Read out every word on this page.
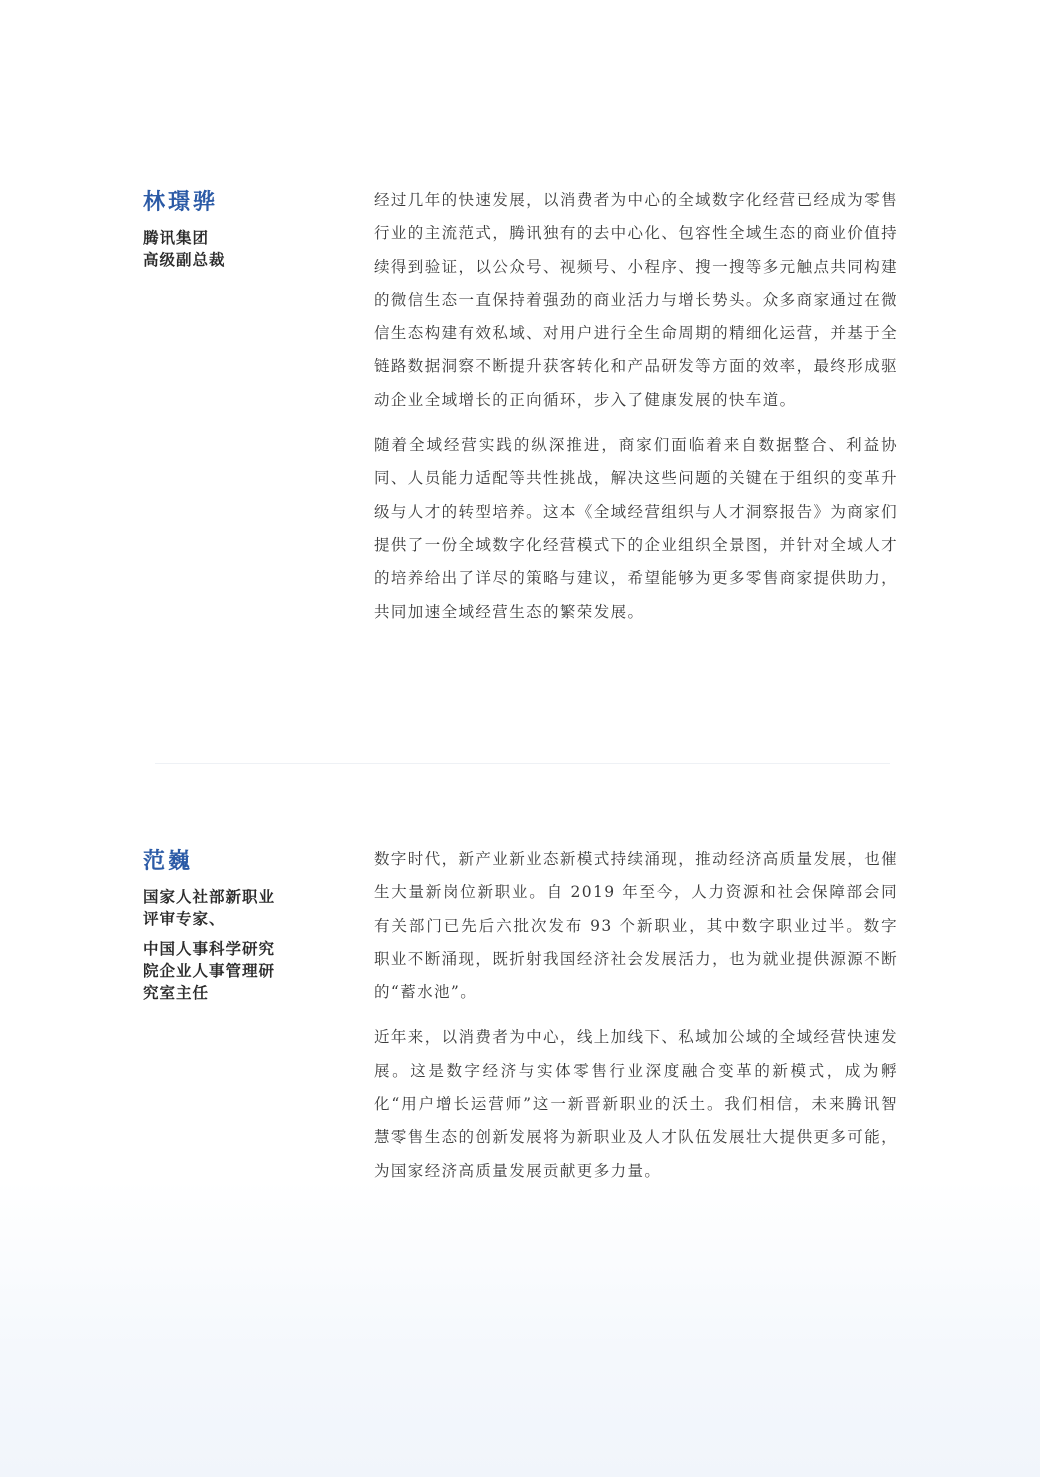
林璟骅
腾讯集团
高级副总裁

经过几年的快速发展，以消费者为中心的全域数字化经营已经成为零售行业的主流范式，腾讯独有的去中心化、包容性全域生态的商业价值持续得到验证，以公众号、视频号、小程序、搜一搜等多元触点共同构建的微信生态一直保持着强劲的商业活力与增长势头。众多商家通过在微信生态构建有效私域、对用户进行全生命周期的精细化运营，并基于全链路数据洞察不断提升获客转化和产品研发等方面的效率，最终形成驱动企业全域增长的正向循环，步入了健康发展的快车道。

随着全域经营实践的纵深推进，商家们面临着来自数据整合、利益协同、人员能力适配等共性挑战，解决这些问题的关键在于组织的变革升级与人才的转型培养。这本《全域经营组织与人才洞察报告》为商家们提供了一份全域数字化经营模式下的企业组织全景图，并针对全域人才的培养给出了详尽的策略与建议，希望能够为更多零售商家提供助力，共同加速全域经营生态的繁荣发展。

范巍
国家人社部新职业
评审专家、
中国人事科学研究
院企业人事管理研
究室主任

数字时代，新产业新业态新模式持续涌现，推动经济高质量发展，也催生大量新岗位新职业。自 2019 年至今，人力资源和社会保障部会同有关部门已先后六批次发布 93 个新职业，其中数字职业过半。数字职业不断涌现，既折射我国经济社会发展活力，也为就业提供源源不断的“蓄水池”。

近年来，以消费者为中心，线上加线下、私域加公域的全域经营快速发展。这是数字经济与实体零售行业深度融合变革的新模式，成为孵化“用户增长运营师”这一新晋新职业的沃土。我们相信，未来腾讯智慧零售生态的创新发展将为新职业及人才队伍发展壮大提供更多可能，为国家经济高质量发展贡献更多力量。
